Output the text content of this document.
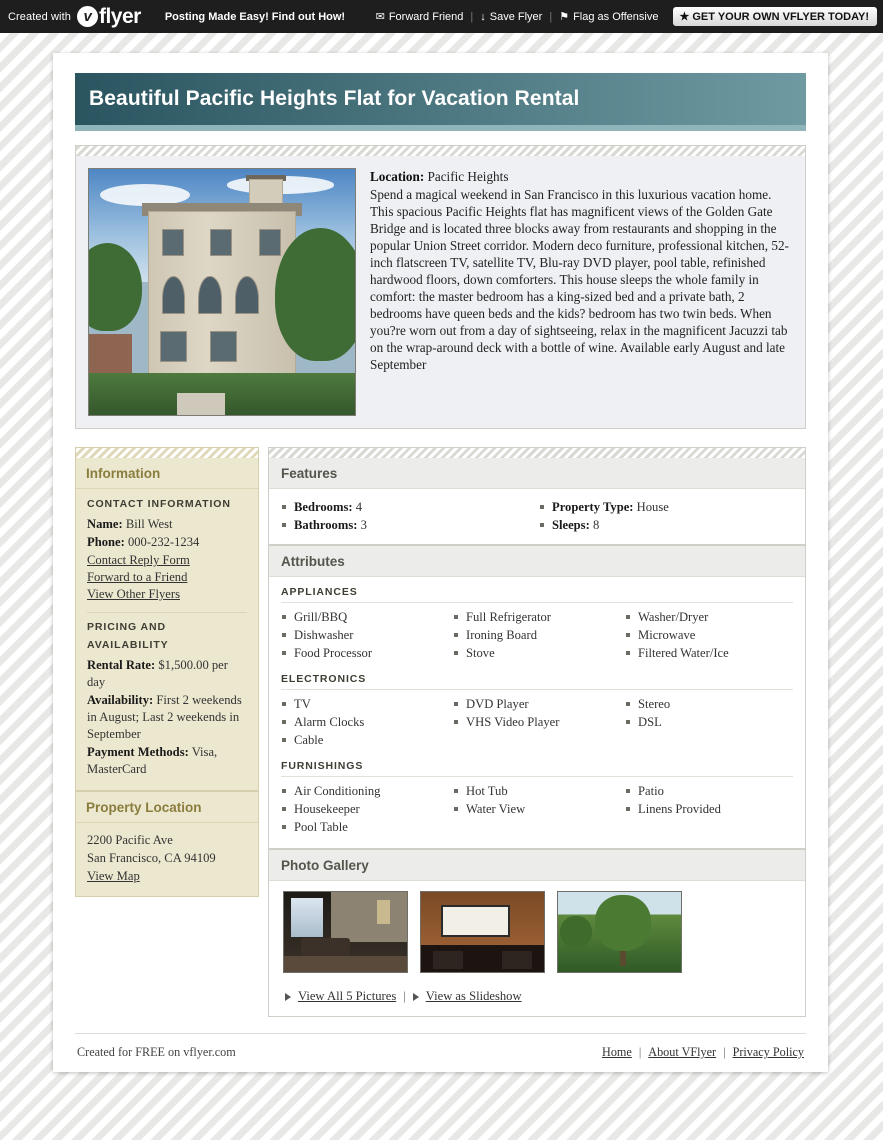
Created with v flyer Posting Made Easy! Find out How!	✉ Forward Friend | ↓ Save Flyer | ⚑ Flag as Offensive ★ GET YOUR OWN VFLYER TODAY!
Beautiful Pacific Heights Flat for Vacation Rental
Location: Pacific Heights

Spend a magical weekend in San Francisco in this luxurious vacation home. This spacious Pacific Heights flat has magnificent views of the Golden Gate Bridge and is located three blocks away from restaurants and shopping in the popular Union Street corridor. Modern deco furniture, professional kitchen, 52-inch flatscreen TV, satellite TV, Blu-ray DVD player, pool table, refinished hardwood floors, down comforters. This house sleeps the whole family in comfort: the master bedroom has a king-sized bed and a private bath, 2 bedrooms have queen beds and the kids? bedroom has two twin beds. When you?re worn out from a day of sightseeing, relax in the magnificent Jacuzzi tab on the wrap-around deck with a bottle of wine. Available early August and late September

Information
CONTACT INFORMATION
Name: Bill West
Phone: 000-232-1234
Contact Reply Form
Forward to a Friend
View Other Flyers
PRICING AND
AVAILABILITY
Rental Rate: $1,500.00 per day
Availability: First 2 weekends in August; Last 2 weekends in September
Payment Methods: Visa, MasterCard
Property Location
2200 Pacific Ave
San Francisco, CA 94109
View Map
Features
Bedrooms: 4	Property Type: House
Bathrooms: 3	Sleeps: 8
Attributes
APPLIANCES
Grill/BBQ	Full Refrigerator	Washer/Dryer
Dishwasher	Ironing Board	Microwave
Food Processor	Stove	Filtered Water/Ice
ELECTRONICS
TV	DVD Player	Stereo
Alarm Clocks	VHS Video Player	DSL
Cable
FURNISHINGS
Air Conditioning	Hot Tub	Patio
Housekeeper	Water View	Linens Provided
Pool Table
Photo Gallery
View All 5 Pictures | View as Slideshow
Created for FREE on vflyer.com	Home | About VFlyer | Privacy Policy
